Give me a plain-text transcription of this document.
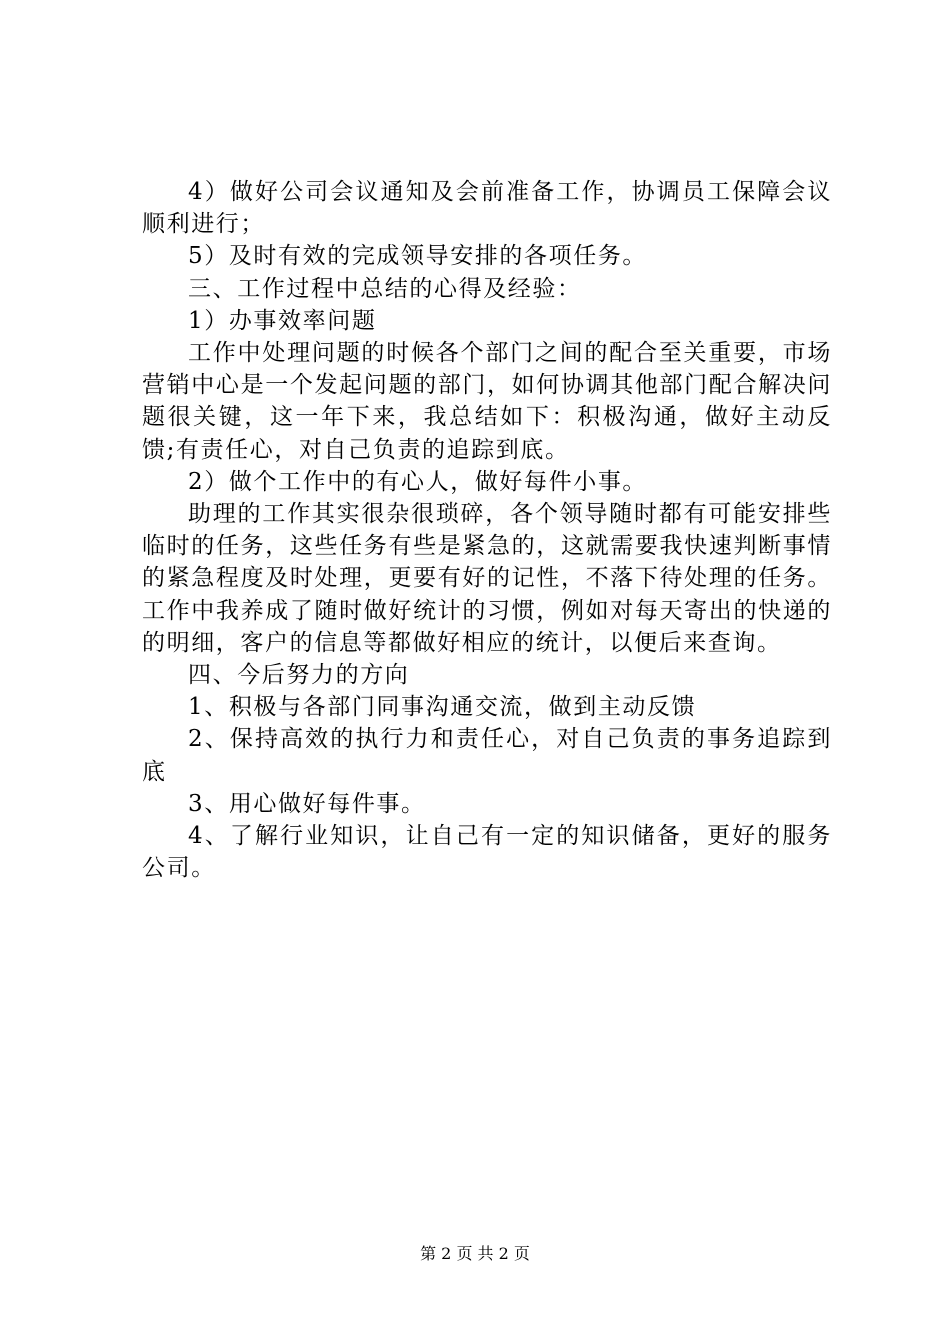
4）做好公司会议通知及会前准备工作，协调员工保障会议顺利进行；

5）及时有效的完成领导安排的各项任务。

三、工作过程中总结的心得及经验：

1）办事效率问题

工作中处理问题的时候各个部门之间的配合至关重要，市场营销中心是一个发起问题的部门，如何协调其他部门配合解决问题很关键，这一年下来，我总结如下：积极沟通，做好主动反馈;有责任心，对自己负责的追踪到底。

2）做个工作中的有心人，做好每件小事。

助理的工作其实很杂很琐碎，各个领导随时都有可能安排些临时的任务，这些任务有些是紧急的，这就需要我快速判断事情的紧急程度及时处理，更要有好的记性，不落下待处理的任务。工作中我养成了随时做好统计的习惯，例如对每天寄出的快递的的明细，客户的信息等都做好相应的统计，以便后来查询。

四、今后努力的方向

1、积极与各部门同事沟通交流，做到主动反馈

2、保持高效的执行力和责任心，对自己负责的事务追踪到底

3、用心做好每件事。

4、了解行业知识，让自己有一定的知识储备，更好的服务公司。

第 2 页 共 2 页
